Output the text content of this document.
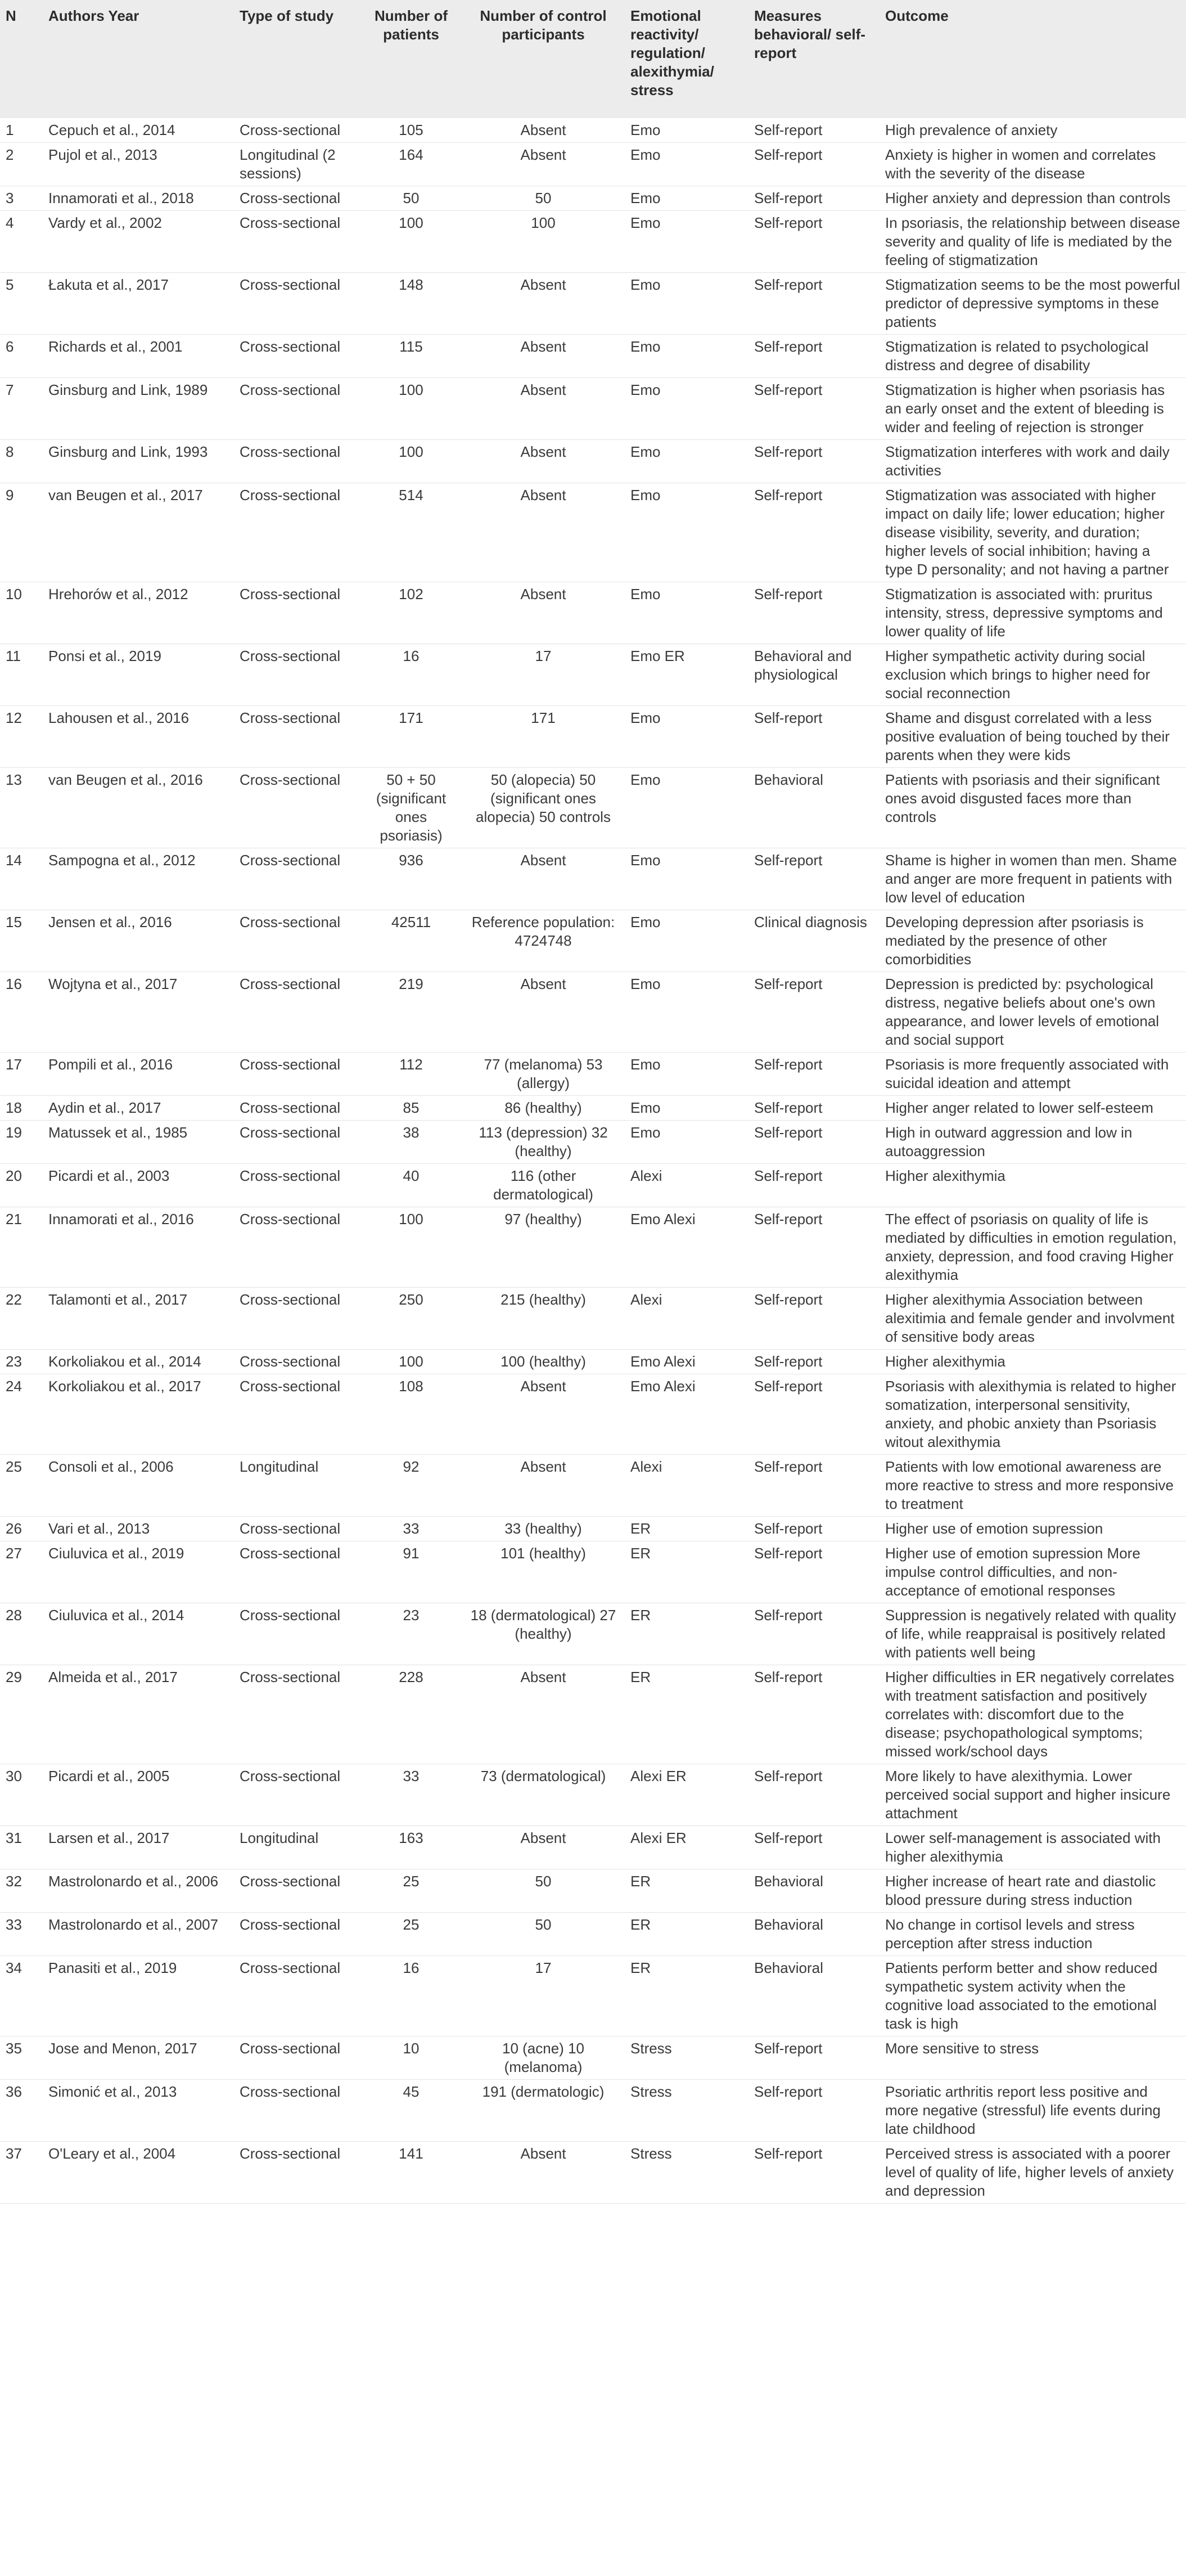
N	Authors Year	Type of study	Number of patients	Number of control participants	Emotional reactivity/ regulation/ alexithymia/ stress	Measures behavioral/ self-report	Outcome
1	Cepuch et al., 2014	Cross-sectional	105	Absent	Emo	Self-report	High prevalence of anxiety
2	Pujol et al., 2013	Longitudinal (2 sessions)	164	Absent	Emo	Self-report	Anxiety is higher in women and correlates with the severity of the disease
3	Innamorati et al., 2018	Cross-sectional	50	50	Emo	Self-report	Higher anxiety and depression than controls
4	Vardy et al., 2002	Cross-sectional	100	100	Emo	Self-report	In psoriasis, the relationship between disease severity and quality of life is mediated by the feeling of stigmatization
5	Łakuta et al., 2017	Cross-sectional	148	Absent	Emo	Self-report	Stigmatization seems to be the most powerful predictor of depressive symptoms in these patients
6	Richards et al., 2001	Cross-sectional	115	Absent	Emo	Self-report	Stigmatization is related to psychological distress and degree of disability
7	Ginsburg and Link, 1989	Cross-sectional	100	Absent	Emo	Self-report	Stigmatization is higher when psoriasis has an early onset and the extent of bleeding is wider and feeling of rejection is stronger
8	Ginsburg and Link, 1993	Cross-sectional	100	Absent	Emo	Self-report	Stigmatization interferes with work and daily activities
9	van Beugen et al., 2017	Cross-sectional	514	Absent	Emo	Self-report	Stigmatization was associated with higher impact on daily life; lower education; higher disease visibility, severity, and duration; higher levels of social inhibition; having a type D personality; and not having a partner
10	Hrehorów et al., 2012	Cross-sectional	102	Absent	Emo	Self-report	Stigmatization is associated with: pruritus intensity, stress, depressive symptoms and lower quality of life
11	Ponsi et al., 2019	Cross-sectional	16	17	Emo ER	Behavioral and physiological	Higher sympathetic activity during social exclusion which brings to higher need for social reconnection
12	Lahousen et al., 2016	Cross-sectional	171	171	Emo	Self-report	Shame and disgust correlated with a less positive evaluation of being touched by their parents when they were kids
13	van Beugen et al., 2016	Cross-sectional	50 + 50 (significant ones psoriasis)	50 (alopecia) 50 (significant ones alopecia) 50 controls	Emo	Behavioral	Patients with psoriasis and their significant ones avoid disgusted faces more than controls
14	Sampogna et al., 2012	Cross-sectional	936	Absent	Emo	Self-report	Shame is higher in women than men. Shame and anger are more frequent in patients with low level of education
15	Jensen et al., 2016	Cross-sectional	42511	Reference population: 4724748	Emo	Clinical diagnosis	Developing depression after psoriasis is mediated by the presence of other comorbidities
16	Wojtyna et al., 2017	Cross-sectional	219	Absent	Emo	Self-report	Depression is predicted by: psychological distress, negative beliefs about one's own appearance, and lower levels of emotional and social support
17	Pompili et al., 2016	Cross-sectional	112	77 (melanoma) 53 (allergy)	Emo	Self-report	Psoriasis is more frequently associated with suicidal ideation and attempt
18	Aydin et al., 2017	Cross-sectional	85	86 (healthy)	Emo	Self-report	Higher anger related to lower self-esteem
19	Matussek et al., 1985	Cross-sectional	38	113 (depression) 32 (healthy)	Emo	Self-report	High in outward aggression and low in autoaggression
20	Picardi et al., 2003	Cross-sectional	40	116 (other dermatological)	Alexi	Self-report	Higher alexithymia
21	Innamorati et al., 2016	Cross-sectional	100	97 (healthy)	Emo Alexi	Self-report	The effect of psoriasis on quality of life is mediated by difficulties in emotion regulation, anxiety, depression, and food craving Higher alexithymia
22	Talamonti et al., 2017	Cross-sectional	250	215 (healthy)	Alexi	Self-report	Higher alexithymia Association between alexitimia and female gender and involvment of sensitive body areas
23	Korkoliakou et al., 2014	Cross-sectional	100	100 (healthy)	Emo Alexi	Self-report	Higher alexithymia
24	Korkoliakou et al., 2017	Cross-sectional	108	Absent	Emo Alexi	Self-report	Psoriasis with alexithymia is related to higher somatization, interpersonal sensitivity, anxiety, and phobic anxiety than Psoriasis witout alexithymia
25	Consoli et al., 2006	Longitudinal	92	Absent	Alexi	Self-report	Patients with low emotional awareness are more reactive to stress and more responsive to treatment
26	Vari et al., 2013	Cross-sectional	33	33 (healthy)	ER	Self-report	Higher use of emotion supression
27	Ciuluvica et al., 2019	Cross-sectional	91	101 (healthy)	ER	Self-report	Higher use of emotion supression More impulse control difficulties, and non-acceptance of emotional responses
28	Ciuluvica et al., 2014	Cross-sectional	23	18 (dermatological) 27 (healthy)	ER	Self-report	Suppression is negatively related with quality of life, while reappraisal is positively related with patients well being
29	Almeida et al., 2017	Cross-sectional	228	Absent	ER	Self-report	Higher difficulties in ER negatively correlates with treatment satisfaction and positively correlates with: discomfort due to the disease; psychopathological symptoms; missed work/school days
30	Picardi et al., 2005	Cross-sectional	33	73 (dermatological)	Alexi ER	Self-report	More likely to have alexithymia. Lower perceived social support and higher insicure attachment
31	Larsen et al., 2017	Longitudinal	163	Absent	Alexi ER	Self-report	Lower self-management is associated with higher alexithymia
32	Mastrolonardo et al., 2006	Cross-sectional	25	50	ER	Behavioral	Higher increase of heart rate and diastolic blood pressure during stress induction
33	Mastrolonardo et al., 2007	Cross-sectional	25	50	ER	Behavioral	No change in cortisol levels and stress perception after stress induction
34	Panasiti et al., 2019	Cross-sectional	16	17	ER	Behavioral	Patients perform better and show reduced sympathetic system activity when the cognitive load associated to the emotional task is high
35	Jose and Menon, 2017	Cross-sectional	10	10 (acne) 10 (melanoma)	Stress	Self-report	More sensitive to stress
36	Simonić et al., 2013	Cross-sectional	45	191 (dermatologic)	Stress	Self-report	Psoriatic arthritis report less positive and more negative (stressful) life events during late childhood
37	O'Leary et al., 2004	Cross-sectional	141	Absent	Stress	Self-report	Perceived stress is associated with a poorer level of quality of life, higher levels of anxiety and depression
